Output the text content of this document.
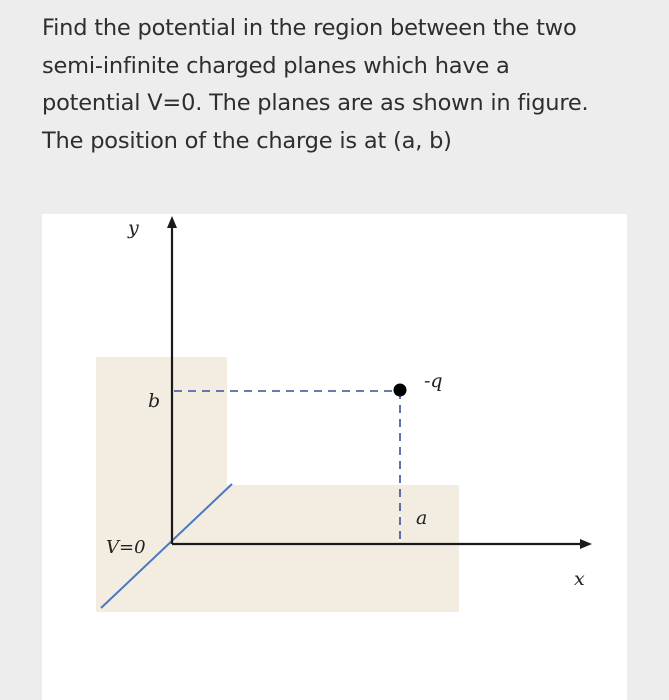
Find the potential in the region between the two
semi-infinite charged planes which have a
potential V=0. The planes are as shown in figure.
The position of the charge is at (a, b)
y
x
b
a
-q
V=0
